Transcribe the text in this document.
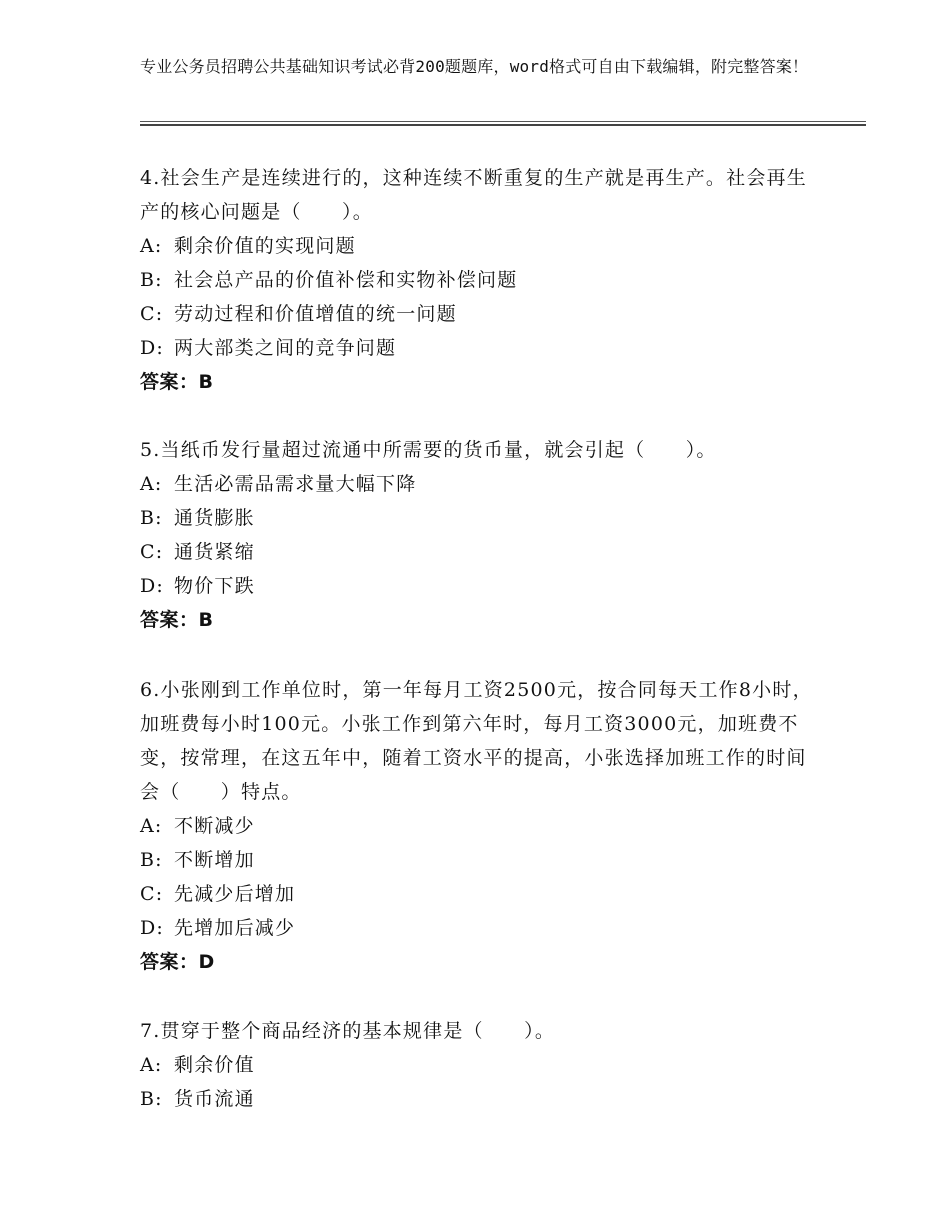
专业公务员招聘公共基础知识考试必背200题题库，word格式可自由下载编辑，附完整答案！
4.社会生产是连续进行的，这种连续不断重复的生产就是再生产。社会再生产的核心问题是（　　）。
A: 剩余价值的实现问题
B: 社会总产品的价值补偿和实物补偿问题
C: 劳动过程和价值增值的统一问题
D: 两大部类之间的竞争问题
答案：B
5.当纸币发行量超过流通中所需要的货币量，就会引起（　　）。
A: 生活必需品需求量大幅下降
B: 通货膨胀
C: 通货紧缩
D: 物价下跌
答案：B
6.小张刚到工作单位时，第一年每月工资2500元，按合同每天工作8小时，加班费每小时100元。小张工作到第六年时，每月工资3000元，加班费不变，按常理，在这五年中，随着工资水平的提高，小张选择加班工作的时间会（　　）特点。
A: 不断减少
B: 不断增加
C: 先减少后增加
D: 先增加后减少
答案：D
7.贯穿于整个商品经济的基本规律是（　　）。
A: 剩余价值
B: 货币流通
